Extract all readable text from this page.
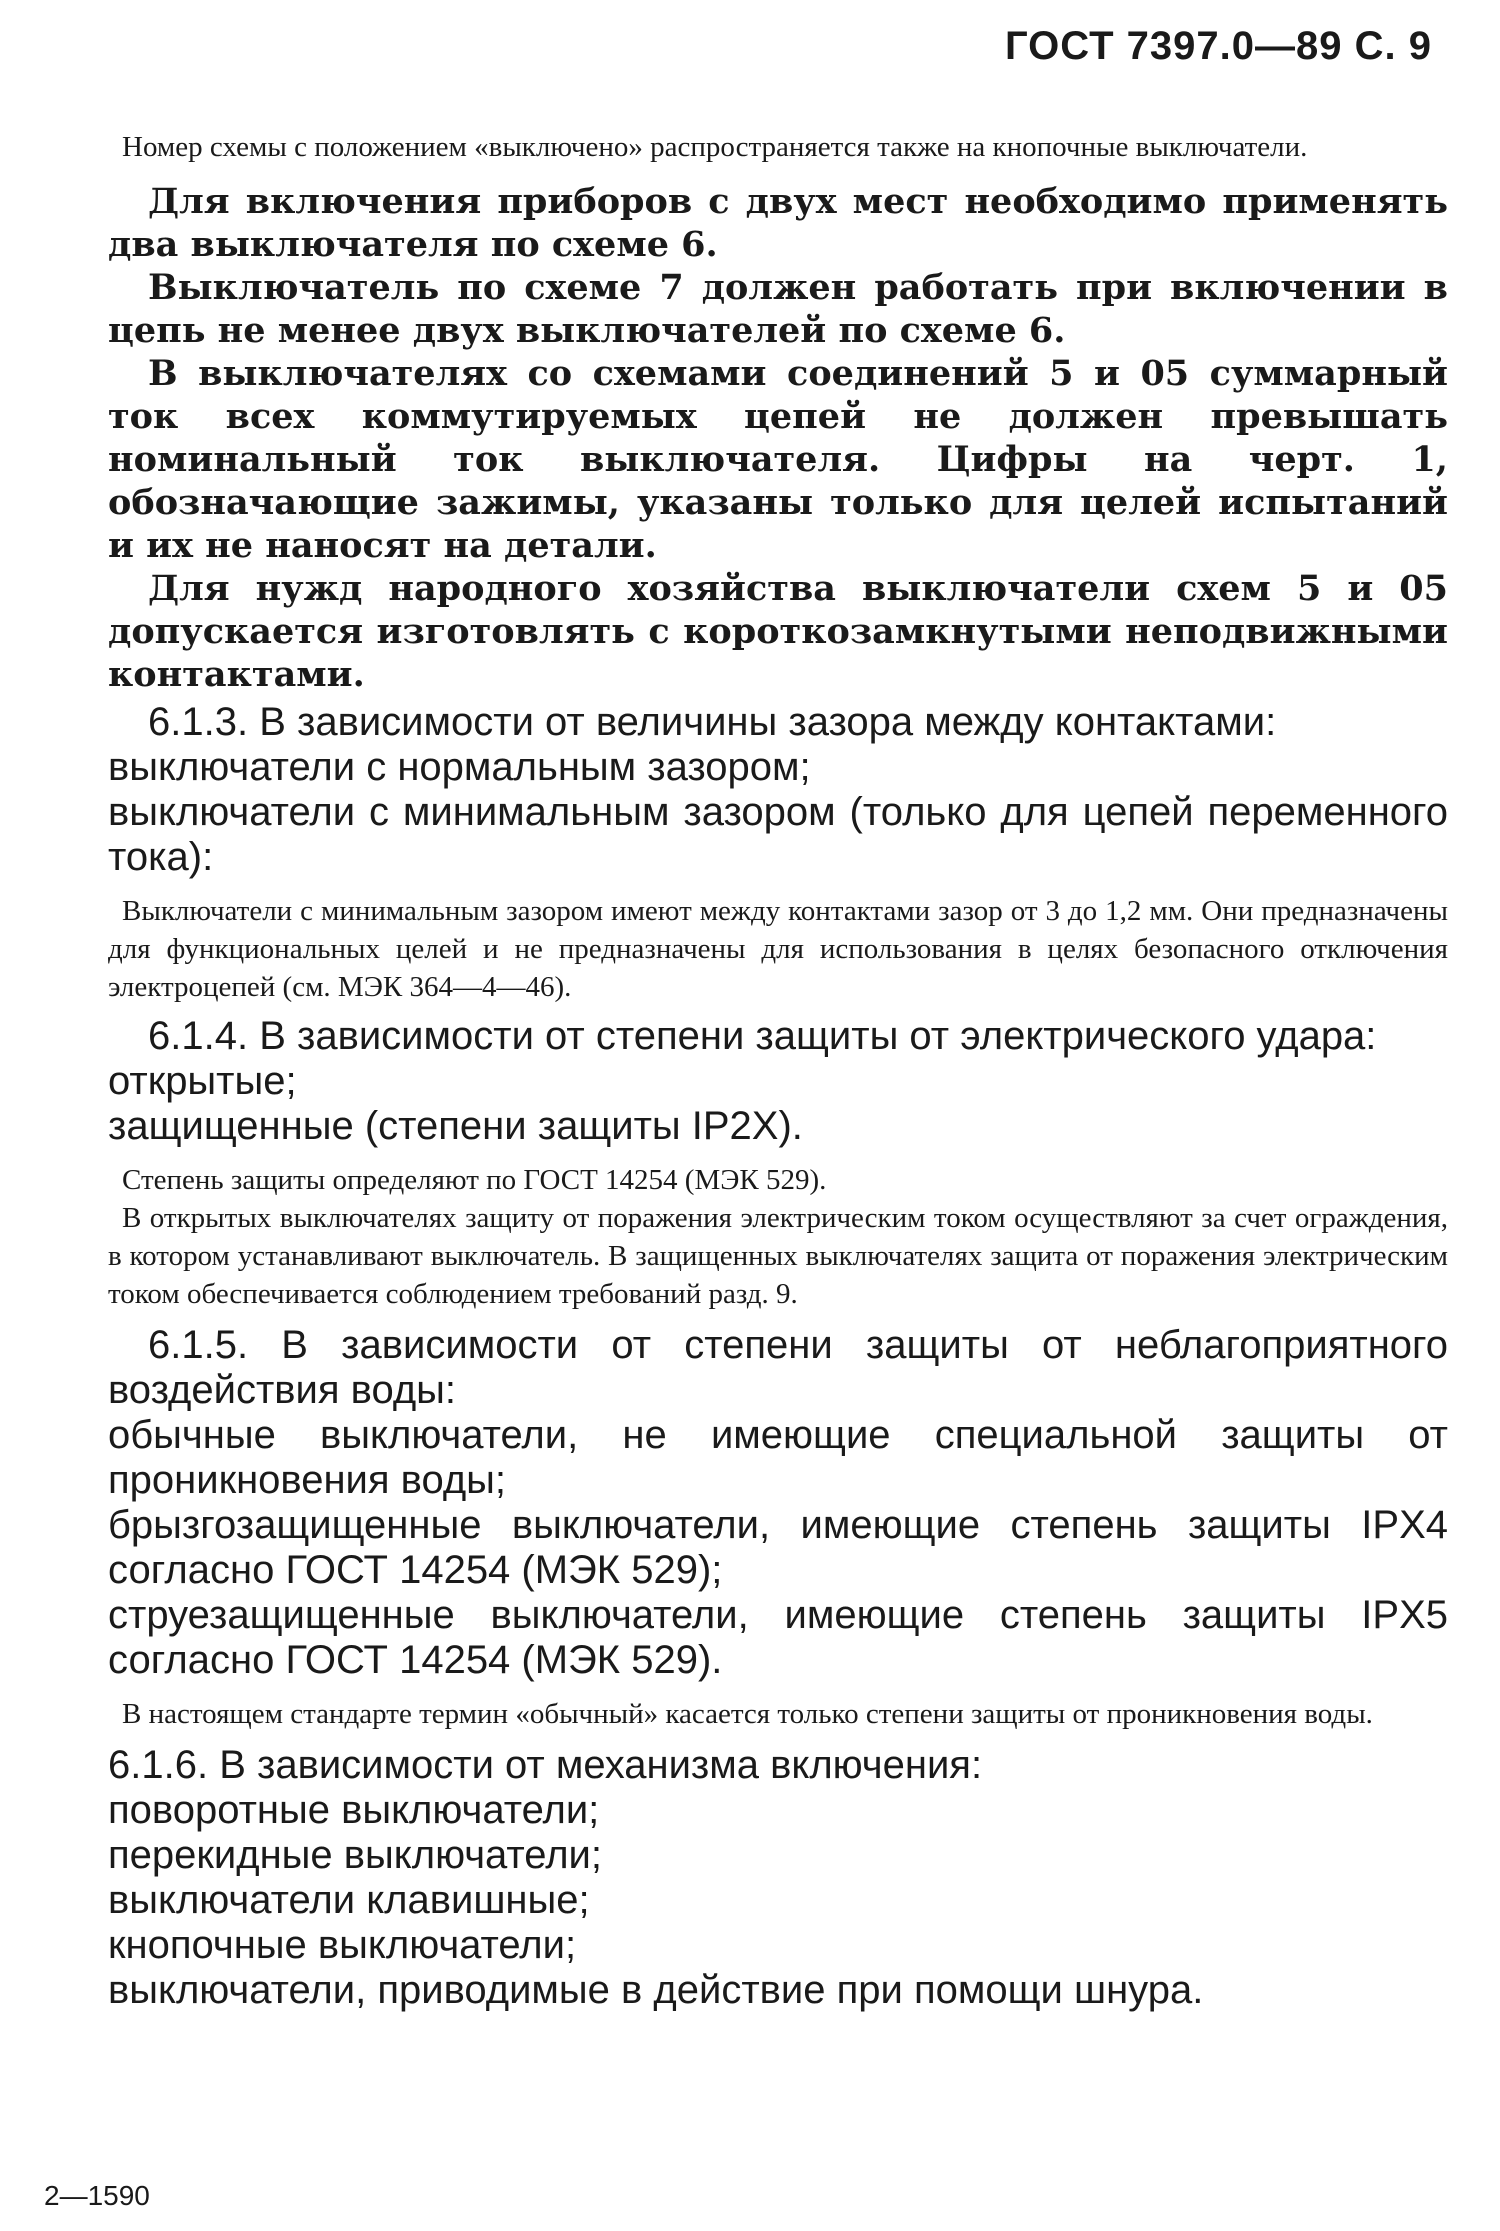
ГОСТ 7397.0—89 С. 9

Номер схемы с положением «выключено» распространяется также на кнопочные выключатели.

Для включения приборов с двух мест необходимо применять два выключателя по схеме 6.

Выключатель по схеме 7 должен работать при включении в цепь не менее двух выключателей по схеме 6.

В выключателях со схемами соединений 5 и 05 суммарный ток всех коммутируемых цепей не должен превышать номинальный ток выключателя. Цифры на черт. 1, обозначающие зажимы, указаны только для целей испытаний и их не наносят на детали.

Для нужд народного хозяйства выключатели схем 5 и 05 допускается изготовлять с короткозамкнутыми неподвижными контактами.

6.1.3. В зависимости от величины зазора между контактами:

выключатели с нормальным зазором;

выключатели с минимальным зазором (только для цепей переменного тока):

Выключатели с минимальным зазором имеют между контактами зазор от 3 до 1,2 мм. Они предназначены для функциональных целей и не предназначены для использования в целях безопасного отключения электроцепей (см. МЭК 364—4—46).

6.1.4. В зависимости от степени защиты от электрического удара:

открытые;

защищенные (степени защиты IP2X).

Степень защиты определяют по ГОСТ 14254 (МЭК 529).

В открытых выключателях защиту от поражения электрическим током осуществляют за счет ограждения, в котором устанавливают выключатель. В защищенных выключателях защита от поражения электрическим током обеспечивается соблюдением требований разд. 9.

6.1.5. В зависимости от степени защиты от неблагоприятного воздействия воды:

обычные выключатели, не имеющие специальной защиты от проникновения воды;

брызгозащищенные выключатели, имеющие степень защиты IPX4 согласно ГОСТ 14254 (МЭК 529);

струезащищенные выключатели, имеющие степень защиты IPX5 согласно ГОСТ 14254 (МЭК 529).

В настоящем стандарте термин «обычный» касается только степени защиты от проникновения воды.

6.1.6. В зависимости от механизма включения:

поворотные выключатели;

перекидные выключатели;

выключатели клавишные;

кнопочные выключатели;

выключатели, приводимые в действие при помощи шнура.

2—1590
